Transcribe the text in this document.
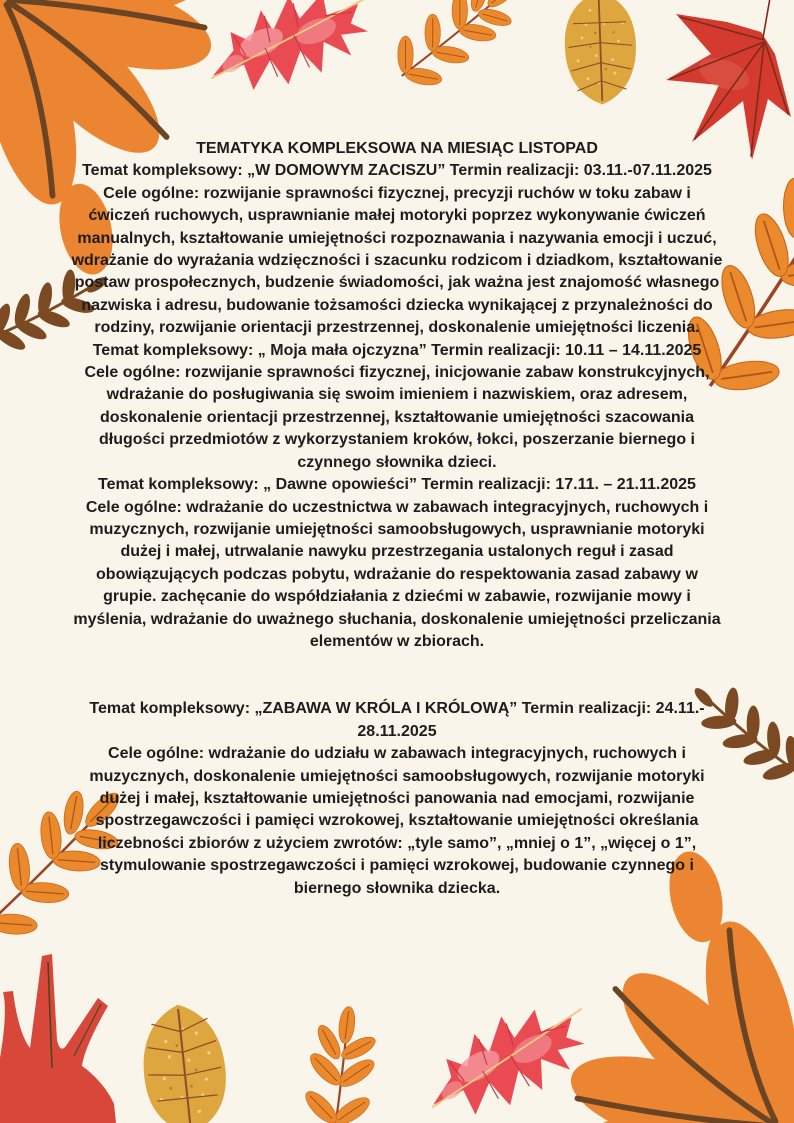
TEMATYKA KOMPLEKSOWA NA MIESIĄC LISTOPAD

Temat kompleksowy: „W DOMOWYM ZACISZU” Termin realizacji: 03.11.-07.11.2025

Cele ogólne: rozwijanie sprawności fizycznej, precyzji ruchów w toku zabaw i ćwiczeń ruchowych, usprawnianie małej motoryki poprzez wykonywanie ćwiczeń manualnych, kształtowanie umiejętności rozpoznawania i nazywania emocji i uczuć, wdrażanie do wyrażania wdzięczności i szacunku rodzicom i dziadkom, kształtowanie postaw prospołecznych, budzenie świadomości, jak ważna jest znajomość własnego nazwiska i adresu, budowanie tożsamości dziecka wynikającej z przynależności do rodziny, rozwijanie orientacji przestrzennej, doskonalenie umiejętności liczenia.

Temat kompleksowy: „ Moja mała ojczyzna” Termin realizacji: 10.11 – 14.11.2025

Cele ogólne: rozwijanie sprawności fizycznej, inicjowanie zabaw konstrukcyjnych, wdrażanie do posługiwania się swoim imieniem i nazwiskiem, oraz adresem, doskonalenie orientacji przestrzennej, kształtowanie umiejętności szacowania długości przedmiotów z wykorzystaniem kroków, łokci, poszerzanie biernego i czynnego słownika dzieci.

Temat kompleksowy: „ Dawne opowieści” Termin realizacji: 17.11. – 21.11.2025

Cele ogólne: wdrażanie do uczestnictwa w zabawach integracyjnych, ruchowych i muzycznych, rozwijanie umiejętności samoobsługowych, usprawnianie motoryki dużej i małej, utrwalanie nawyku przestrzegania ustalonych reguł i zasad obowiązujących podczas pobytu, wdrażanie do respektowania zasad zabawy w grupie. zachęcanie do współdziałania z dziećmi w zabawie, rozwijanie mowy i myślenia, wdrażanie do uważnego słuchania, doskonalenie umiejętności przeliczania elementów w zbiorach.

Temat kompleksowy: „ZABAWA W KRÓLA I KRÓLOWĄ” Termin realizacji: 24.11.- 28.11.2025

Cele ogólne: wdrażanie do udziału w zabawach integracyjnych, ruchowych i muzycznych, doskonalenie umiejętności samoobsługowych, rozwijanie motoryki dużej i małej, kształtowanie umiejętności panowania nad emocjami, rozwijanie spostrzegawczości i pamięci wzrokowej, kształtowanie umiejętności określania liczebności zbiorów z użyciem zwrotów: „tyle samo”, „mniej o 1”, „więcej o 1”, stymulowanie spostrzegawczości i pamięci wzrokowej, budowanie czynnego i biernego słownika dziecka.
